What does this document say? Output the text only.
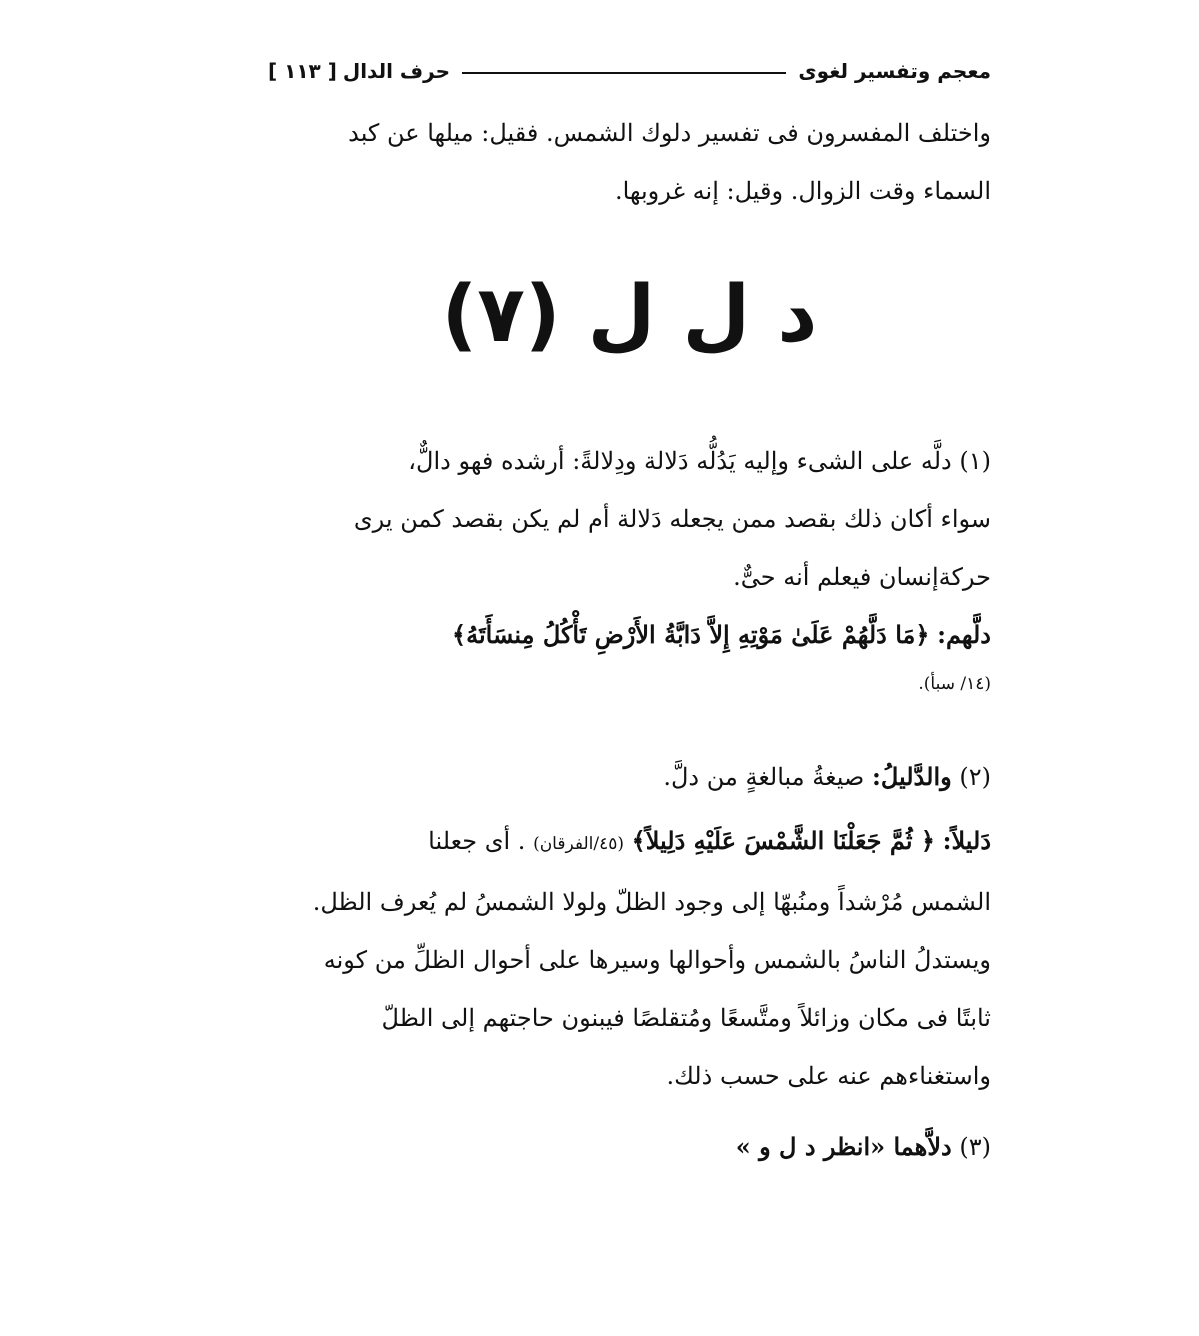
معجم وتفسير لغوى
حرف الدال
[ ١١٣ ]
واختلف المفسرون فى تفسير دلوك الشمس. فقيل: ميلها عن كبد
السماء وقت الزوال. وقيل: إنه غروبها.
د ل ل (٧)
(١) دلَّه على الشىء وإليه يَدُلُّه دَلالة ودِلالةً: أرشده فهو دالٌّ،
سواء أكان ذلك بقصد ممن يجعله دَلالة أم لم يكن بقصد كمن يرى
حركةإنسان فيعلم أنه حىٌّ.
دلَّهم: ﴿مَا دَلَّهُمْ عَلَىٰ مَوْتِهِ إِلاَّ دَابَّةُ الأَرْضِ تَأْكُلُ مِنسَأَتَهُ﴾
(١٤/ سبأ).
(٢) والدَّليلُ: صيغةُ مبالغةٍ من دلَّ.
دَليلاً: ﴿ ثُمَّ جَعَلْنَا الشَّمْسَ عَلَيْهِ دَلِيلاً﴾ (٤٥/الفرقان) . أى جعلنا
الشمس مُرْشداً ومنُبهّا إلى وجود الظلّ ولولا الشمسُ لم يُعرف الظل.
ويستدلُ الناسُ بالشمس وأحوالها وسيرها على أحوال الظلِّ من كونه
ثابتًا فى مكان وزائلاً ومتَّسعًا ومُتقلصًا فيبنون حاجتهم إلى الظلّ
واستغناءهم عنه على حسب ذلك.
(٣) دلاَّهما «انظر د ل و »
